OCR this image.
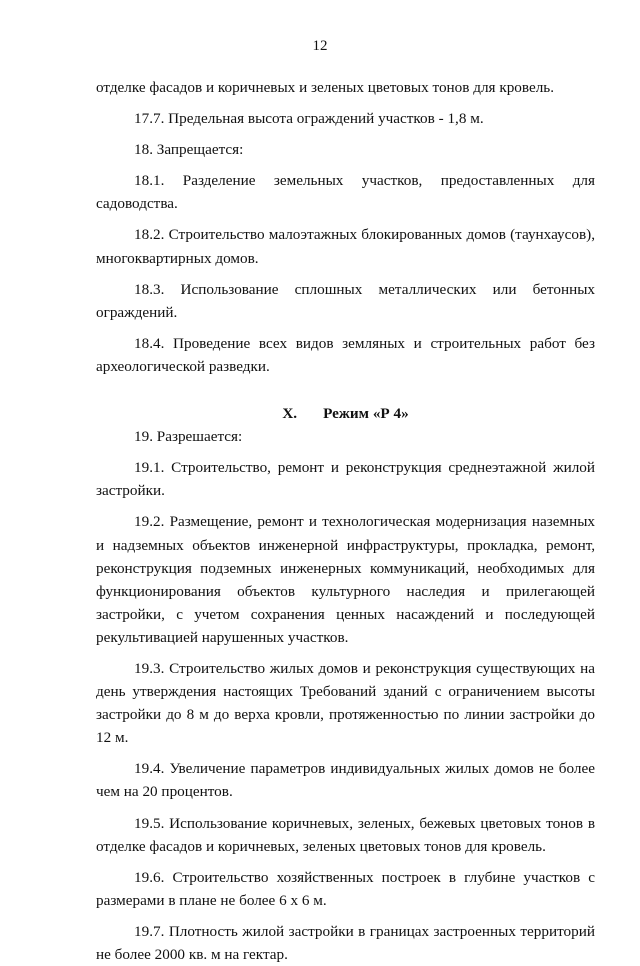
12

отделке фасадов и коричневых и зеленых цветовых тонов для кровель.

17.7. Предельная высота ограждений участков - 1,8 м.

18. Запрещается:

18.1. Разделение земельных участков, предоставленных для садоводства.

18.2. Строительство малоэтажных блокированных домов (таунхаусов), многоквартирных домов.

18.3. Использование сплошных металлических или бетонных ограждений.

18.4. Проведение всех видов земляных и строительных работ без археологической разведки.

X. Режим «Р 4»

19. Разрешается:

19.1. Строительство, ремонт и реконструкция среднеэтажной жилой застройки.

19.2. Размещение, ремонт и технологическая модернизация наземных и надземных объектов инженерной инфраструктуры, прокладка, ремонт, реконструкция подземных инженерных коммуникаций, необходимых для функционирования объектов культурного наследия и прилегающей застройки, с учетом сохранения ценных насаждений и последующей рекультивацией нарушенных участков.

19.3. Строительство жилых домов и реконструкция существующих на день утверждения настоящих Требований зданий с ограничением высоты застройки до 8 м до верха кровли, протяженностью по линии застройки до 12 м.

19.4. Увеличение параметров индивидуальных жилых домов не более чем на 20 процентов.

19.5. Использование коричневых, зеленых, бежевых цветовых тонов в отделке фасадов и коричневых, зеленых цветовых тонов для кровель.

19.6. Строительство хозяйственных построек в глубине участков с размерами в плане не более 6 х 6 м.

19.7. Плотность жилой застройки в границах застроенных территорий не более 2000 кв. м на гектар.
